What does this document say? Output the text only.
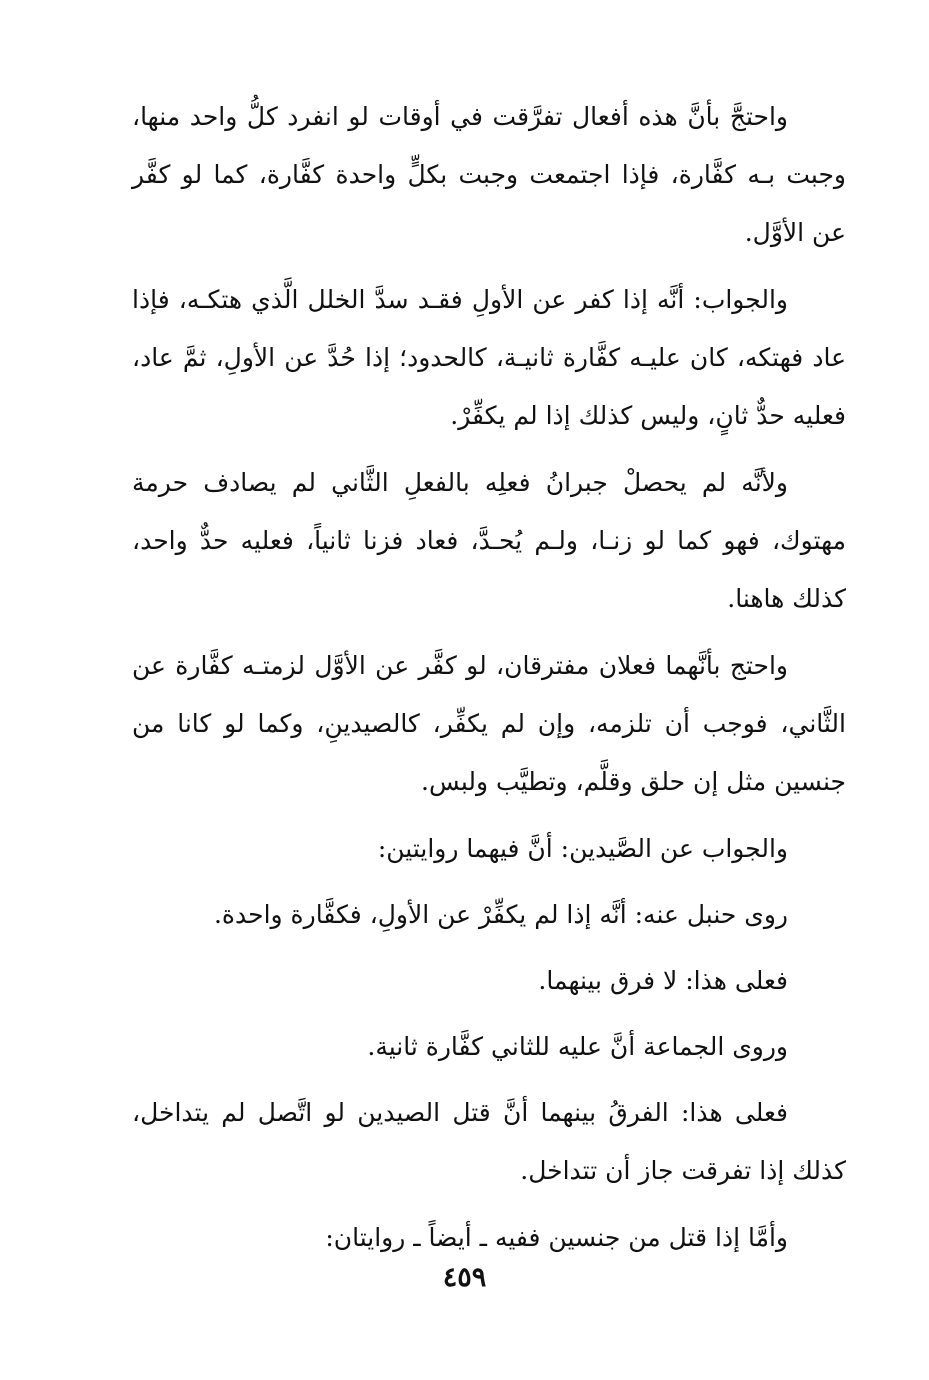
واحتجَّ بأنَّ هذه أفعال تفرَّقت في أوقات لو انفرد كلُّ واحد منها، وجبت بـه كفَّارة، فإذا اجتمعت وجبت بكلٍّ واحدة كفَّارة، كما لو كفَّر عن الأوَّل.

والجواب: أنَّه إذا كفر عن الأولِ فقـد سدَّ الخلل الَّذي هتكـه، فإذا عاد فهتكه، كان عليـه كفَّارة ثانيـة، كالحدود؛ إذا حُدَّ عن الأولِ، ثمَّ عاد، فعليه حدٌّ ثانٍ، وليس كذلك إذا لم يكفِّرْ.

ولأنَّه لم يحصلْ جبرانُ فعلِه بالفعلِ الثَّاني لم يصادف حرمة مهتوك، فهو كما لو زنـا، ولـم يُحـدَّ، فعاد فزنا ثانياً، فعليه حدٌّ واحد، كذلك هاهنا.

واحتج بأنَّهما فعلان مفترقان، لو كفَّر عن الأوَّل لزمتـه كفَّارة عن الثَّاني، فوجب أن تلزمه، وإن لم يكفِّر، كالصيدينِ، وكما لو كانا من جنسين مثل إن حلق وقلَّم، وتطيَّب ولبس.

والجواب عن الصَّيدين: أنَّ فيهما روايتين:

روى حنبل عنه: أنَّه إذا لم يكفِّرْ عن الأولِ، فكفَّارة واحدة.

فعلى هذا: لا فرق بينهما.

وروى الجماعة أنَّ عليه للثاني كفَّارة ثانية.

فعلى هذا: الفرقُ بينهما أنَّ قتل الصيدين لو اتَّصل لم يتداخل، كذلك إذا تفرقت جاز أن تتداخل.

وأمَّا إذا قتل من جنسين ففيه ـ أيضاً ـ روايتان:

٤٥٩
